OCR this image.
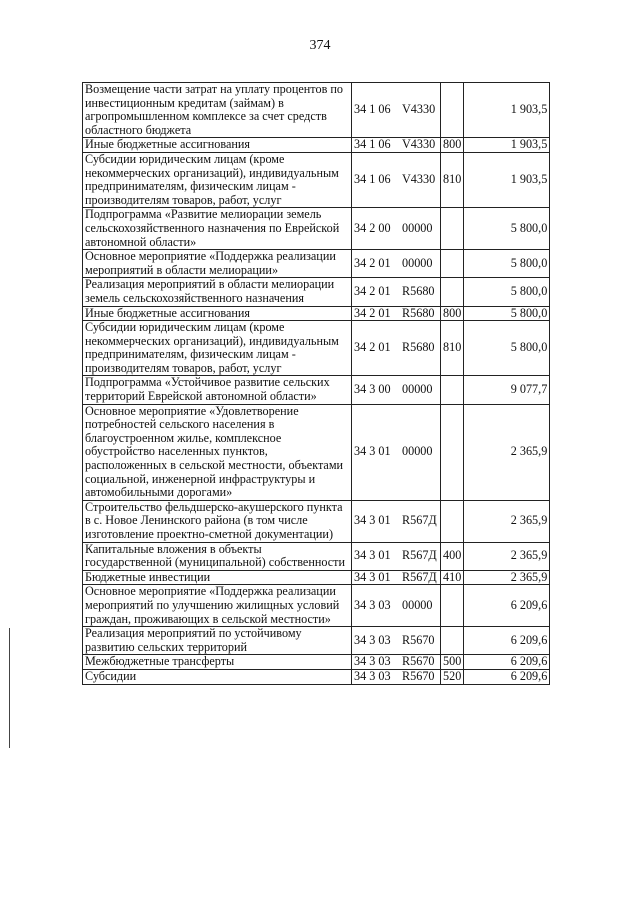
374
Возмещение части затрат на уплату процентов по инвестиционным кредитам (займам) в агропромышленном комплексе за счет средств областного бюджета	34 1 06 V4330		1 903,5
Иные бюджетные ассигнования	34 1 06 V4330	800	1 903,5
Субсидии юридическим лицам (кроме некоммерческих организаций), индивидуальным предпринимателям, физическим лицам - производителям товаров, работ, услуг	34 1 06 V4330	810	1 903,5
Подпрограмма «Развитие мелиорации земель сельскохозяйственного назначения по Еврейской автономной области»	34 2 00 00000		5 800,0
Основное мероприятие «Поддержка реализации мероприятий в области мелиорации»	34 2 01 00000		5 800,0
Реализация мероприятий в области мелиорации земель сельскохозяйственного назначения	34 2 01 R5680		5 800,0
Иные бюджетные ассигнования	34 2 01 R5680	800	5 800,0
Субсидии юридическим лицам (кроме некоммерческих организаций), индивидуальным предпринимателям, физическим лицам - производителям товаров, работ, услуг	34 2 01 R5680	810	5 800,0
Подпрограмма «Устойчивое развитие сельских территорий Еврейской автономной области»	34 3 00 00000		9 077,7
Основное мероприятие «Удовлетворение потребностей сельского населения в благоустроенном жилье, комплексное обустройство населенных пунктов, расположенных в сельской местности, объектами социальной, инженерной инфраструктуры и автомобильными дорогами»	34 3 01 00000		2 365,9
Строительство фельдшерско-акушерского пункта в с. Новое Ленинского района (в том числе изготовление проектно-сметной документации)	34 3 01 R567Д		2 365,9
Капитальные вложения в объекты государственной (муниципальной) собственности	34 3 01 R567Д	400	2 365,9
Бюджетные инвестиции	34 3 01 R567Д	410	2 365,9
Основное мероприятие «Поддержка реализации мероприятий по улучшению жилищных условий граждан, проживающих в сельской местности»	34 3 03 00000		6 209,6
Реализация мероприятий по устойчивому развитию сельских территорий	34 3 03 R5670		6 209,6
Межбюджетные трансферты	34 3 03 R5670	500	6 209,6
Субсидии	34 3 03 R5670	520	6 209,6
